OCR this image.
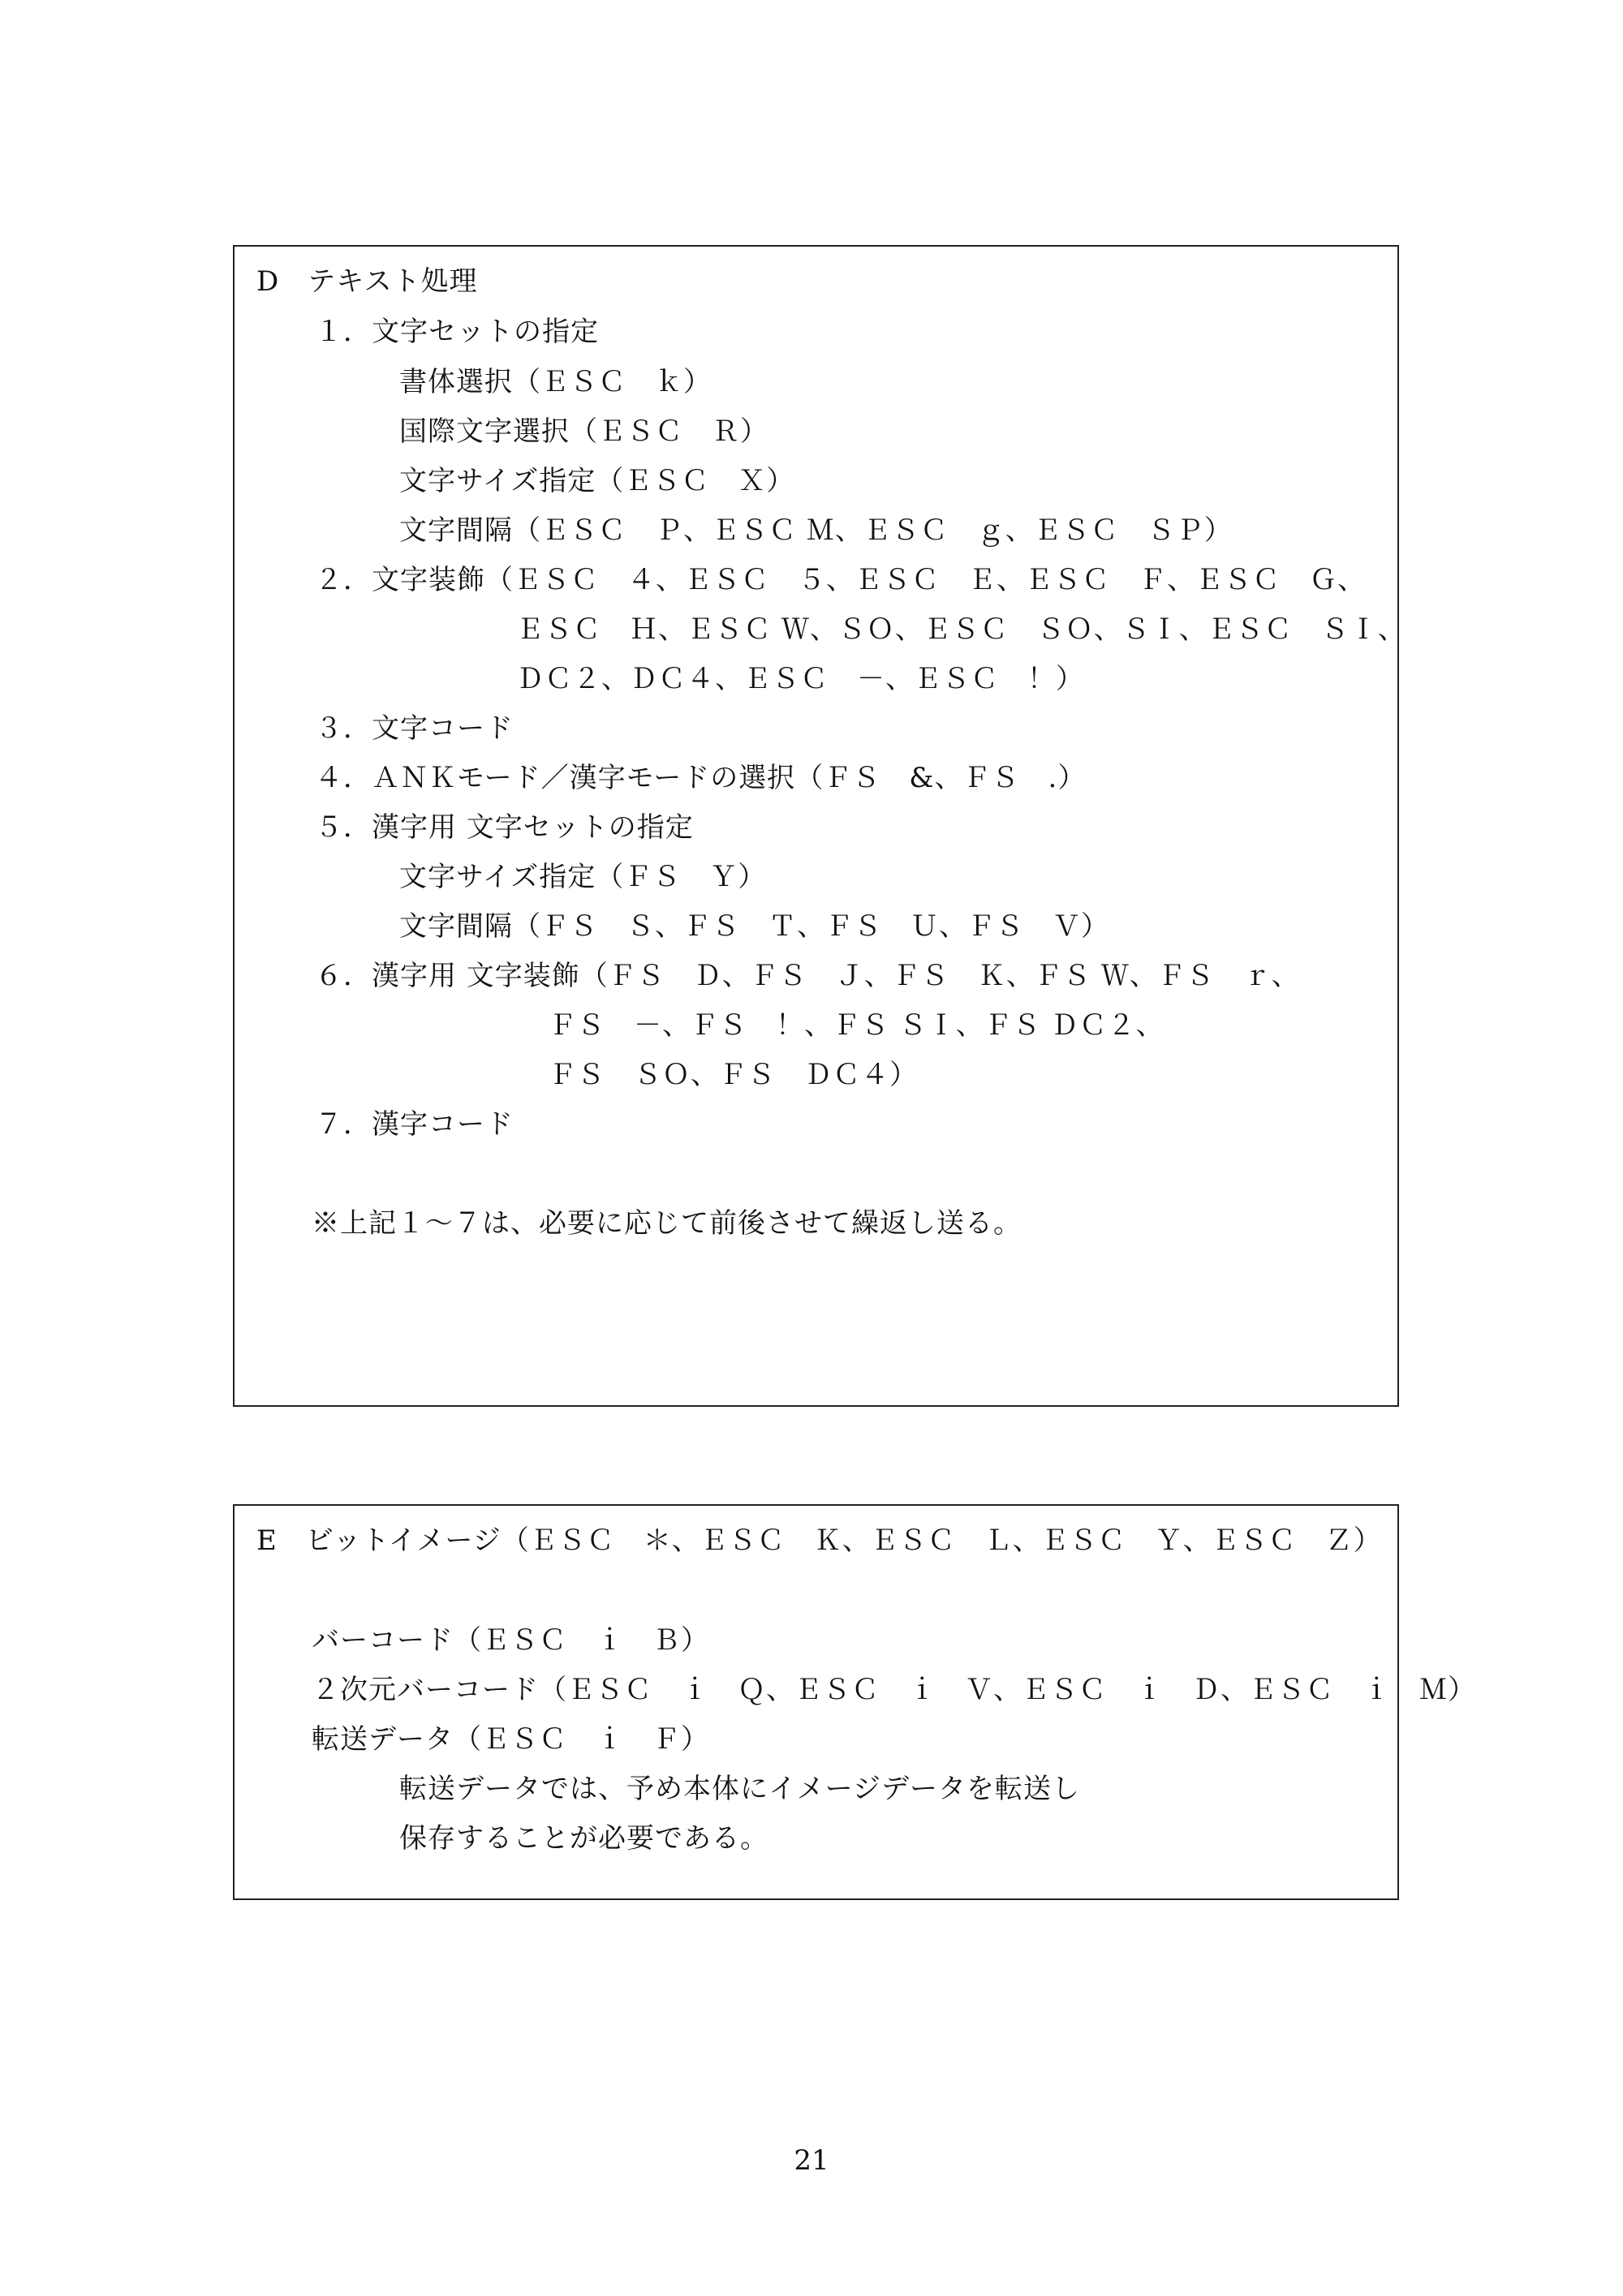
D　テキスト処理
１．文字セットの指定
書体選択（ＥＳＣ　ｋ）
国際文字選択（ＥＳＣ　Ｒ）
文字サイズ指定（ＥＳＣ　Ｘ）
文字間隔（ＥＳＣ　Ｐ、ＥＳＣ Ｍ、ＥＳＣ　ｇ、ＥＳＣ　ＳＰ）
２．文字装飾（ＥＳＣ　４、ＥＳＣ　５、ＥＳＣ　Ｅ、ＥＳＣ　Ｆ、ＥＳＣ　Ｇ、
ＥＳＣ　Ｈ、ＥＳＣ Ｗ、ＳＯ、ＥＳＣ　ＳＯ、ＳＩ、ＥＳＣ　ＳＩ、
ＤＣ２、ＤＣ４、ＥＳＣ　－、ＥＳＣ　！）
３．文字コード
４．ＡＮＫモード／漢字モードの選択（ＦＳ　&、ＦＳ　.）
５．漢字用 文字セットの指定
文字サイズ指定（ＦＳ　Ｙ）
文字間隔（ＦＳ　Ｓ、ＦＳ　Ｔ、ＦＳ　Ｕ、ＦＳ　Ｖ）
６．漢字用 文字装飾（ＦＳ　Ｄ、ＦＳ　Ｊ、ＦＳ　Ｋ、ＦＳ Ｗ、ＦＳ　ｒ、
ＦＳ　－、ＦＳ　！、ＦＳ ＳＩ、ＦＳ ＤＣ２、
ＦＳ　ＳＯ、ＦＳ　ＤＣ４）
７．漢字コード
※上記１～７は、必要に応じて前後させて繰返し送る。
E　ビットイメージ（ＥＳＣ　＊、ＥＳＣ　Ｋ、ＥＳＣ　Ｌ、ＥＳＣ　Ｙ、ＥＳＣ　Ｚ）
バーコード（ＥＳＣ　ｉ　Ｂ）
２次元バーコード（ＥＳＣ　ｉ　Ｑ、ＥＳＣ　ｉ　Ｖ、ＥＳＣ　ｉ　Ｄ、ＥＳＣ　ｉ　Ｍ）
転送データ（ＥＳＣ　ｉ　Ｆ）
転送データでは、予め本体にイメージデータを転送し
保存することが必要である。
21
